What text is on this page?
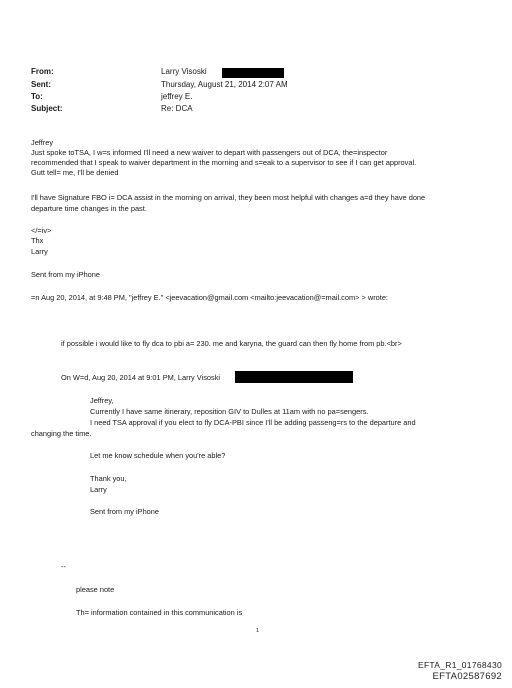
From:	Larry Visoski
Sent:	Thursday, August 21, 2014 2:07 AM
To:	jeffrey E.
Subject:	Re: DCA
Jeffrey
Just spoke toTSA, I w=s informed I'll need a new waiver to depart with passengers out of DCA, the=inspector
recommended that I speak to waiver department in the morning and s=eak to a supervisor to see if I can get approval.
Gutt tell= me, I'll be denied
I'll have Signature FBO i= DCA assist in the morning on arrival, they been most helpful with changes a=d they have done
departure time changes in the past.
</=iv>
Thx
Larry
Sent from my iPhone
=n Aug 20, 2014, at 9:48 PM, "jeffrey E." <jeevacation@gmail.com <mailto:jeevacation@=mail.com> > wrote:
if possible i would like to fly dca to pbi a= 230. me and karyna, the guard can then fly home from pb.<br>
On W=d, Aug 20, 2014 at 9:01 PM, Larry Visoski
Jeffrey,
Currently I have same itinerary, reposition GIV to Dulles at 11am with no pa=sengers.
I need TSA approval if you elect to fly DCA-PBI since I'll be adding passeng=rs to the departure and
changing the time.
Let me know schedule when you're able?
Thank you,
Larry
Sent from my iPhone
--
please note
Th= information contained in this communication is
1
EFTA_R1_01768430
EFTA02587692
